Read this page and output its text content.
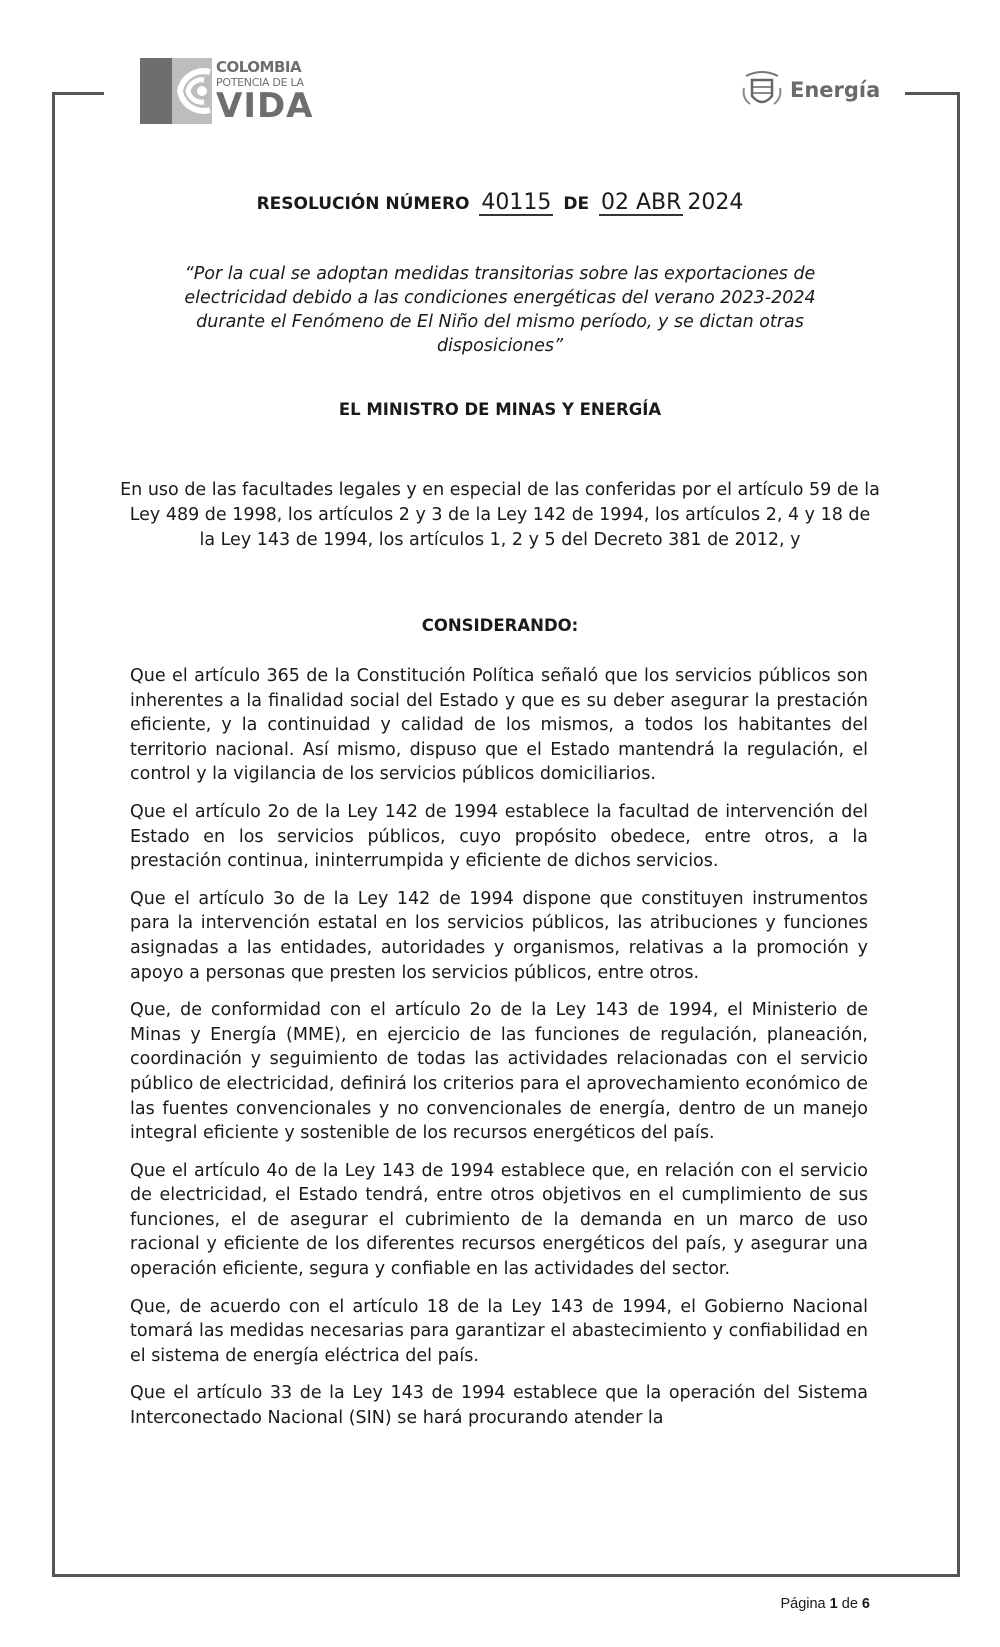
COLOMBIA
POTENCIA DE LA
VIDA	Energía
RESOLUCIÓN NÚMERO 40115 DE 02 ABR 2024
“Por la cual se adoptan medidas transitorias sobre las exportaciones de electricidad debido a las condiciones energéticas del verano 2023-2024 durante el Fenómeno de El Niño del mismo período, y se dictan otras disposiciones”
EL MINISTRO DE MINAS Y ENERGÍA
En uso de las facultades legales y en especial de las conferidas por el artículo 59 de la Ley 489 de 1998, los artículos 2 y 3 de la Ley 142 de 1994, los artículos 2, 4 y 18 de la Ley 143 de 1994, los artículos 1, 2 y 5 del Decreto 381 de 2012, y
CONSIDERANDO:

Que el artículo 365 de la Constitución Política señaló que los servicios públicos son inherentes a la finalidad social del Estado y que es su deber asegurar la prestación eficiente, y la continuidad y calidad de los mismos, a todos los habitantes del territorio nacional. Así mismo, dispuso que el Estado mantendrá la regulación, el control y la vigilancia de los servicios públicos domiciliarios.

Que el artículo 2o de la Ley 142 de 1994 establece la facultad de intervención del Estado en los servicios públicos, cuyo propósito obedece, entre otros, a la prestación continua, ininterrumpida y eficiente de dichos servicios.

Que el artículo 3o de la Ley 142 de 1994 dispone que constituyen instrumentos para la intervención estatal en los servicios públicos, las atribuciones y funciones asignadas a las entidades, autoridades y organismos, relativas a la promoción y apoyo a personas que presten los servicios públicos, entre otros.

Que, de conformidad con el artículo 2o de la Ley 143 de 1994, el Ministerio de Minas y Energía (MME), en ejercicio de las funciones de regulación, planeación, coordinación y seguimiento de todas las actividades relacionadas con el servicio público de electricidad, definirá los criterios para el aprovechamiento económico de las fuentes convencionales y no convencionales de energía, dentro de un manejo integral eficiente y sostenible de los recursos energéticos del país.

Que el artículo 4o de la Ley 143 de 1994 establece que, en relación con el servicio de electricidad, el Estado tendrá, entre otros objetivos en el cumplimiento de sus funciones, el de asegurar el cubrimiento de la demanda en un marco de uso racional y eficiente de los diferentes recursos energéticos del país, y asegurar una operación eficiente, segura y confiable en las actividades del sector.

Que, de acuerdo con el artículo 18 de la Ley 143 de 1994, el Gobierno Nacional tomará las medidas necesarias para garantizar el abastecimiento y confiabilidad en el sistema de energía eléctrica del país.

Que el artículo 33 de la Ley 143 de 1994 establece que la operación del Sistema Interconectado Nacional (SIN) se hará procurando atender la

Página 1 de 6
